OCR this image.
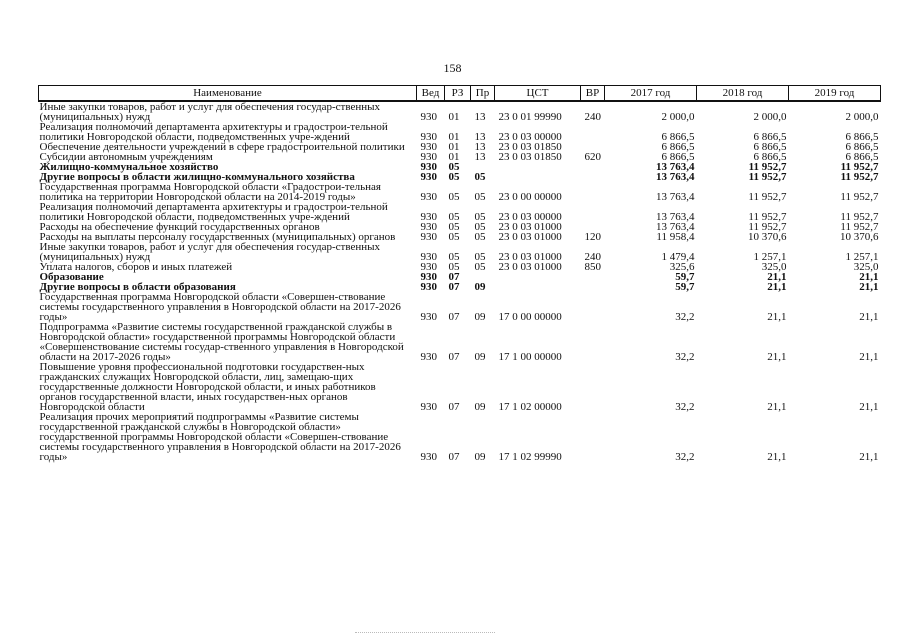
158
Наименование	Вед	РЗ	Пр	ЦСТ	ВР	2017 год	2018 год	2019 год
Иные закупки товаров, работ и услуг для обеспечения государ-ственных (муниципальных) нужд	930	01	13	23 0 01 99990	240	2 000,0	2 000,0	2 000,0
Реализация полномочий департамента архитектуры и градострои-тельной политики Новгородской области, подведомственных учре-ждений	930	01	13	23 0 03 00000		6 866,5	6 866,5	6 866,5
Обеспечение деятельности учреждений в сфере градостроительной политики	930	01	13	23 0 03 01850		6 866,5	6 866,5	6 866,5
Субсидии автономным учреждениям	930	01	13	23 0 03 01850	620	6 866,5	6 866,5	6 866,5
Жилищно-коммунальное хозяйство	930	05				13 763,4	11 952,7	11 952,7
Другие вопросы в области жилищно-коммунального хозяйства	930	05	05			13 763,4	11 952,7	11 952,7
Государственная программа Новгородской области «Градострои-тельная политика на территории Новгородской области на 2014-2019 годы»	930	05	05	23 0 00 00000		13 763,4	11 952,7	11 952,7
Реализация полномочий департамента архитектуры и градострои-тельной политики Новгородской области, подведомственных учре-ждений	930	05	05	23 0 03 00000		13 763,4	11 952,7	11 952,7
Расходы на обеспечение функций государственных органов	930	05	05	23 0 03 01000		13 763,4	11 952,7	11 952,7
Расходы на выплаты персоналу государственных (муниципальных) органов	930	05	05	23 0 03 01000	120	11 958,4	10 370,6	10 370,6
Иные закупки товаров, работ и услуг для обеспечения государ-ственных (муниципальных) нужд	930	05	05	23 0 03 01000	240	1 479,4	1 257,1	1 257,1
Уплата налогов, сборов и иных платежей	930	05	05	23 0 03 01000	850	325,6	325,0	325,0
Образование	930	07				59,7	21,1	21,1
Другие вопросы в области образования	930	07	09			59,7	21,1	21,1
Государственная программа Новгородской области «Совершен-ствование системы государственного управления в Новгородской области на 2017-2026 годы»	930	07	09	17 0 00 00000		32,2	21,1	21,1
Подпрограмма «Развитие системы государственной гражданской службы в Новгородской области» государственной программы Новгородской области «Совершенствование системы государ-ственного управления в Новгородской области на 2017-2026 годы»	930	07	09	17 1 00 00000		32,2	21,1	21,1
Повышение уровня профессиональной подготовки государствен-ных гражданских служащих Новгородской области, лиц, замещаю-щих государственные должности Новгородской области, и иных работников органов государственной власти, иных государствен-ных органов Новгородской области	930	07	09	17 1 02 00000		32,2	21,1	21,1
Реализация прочих мероприятий подпрограммы «Развитие системы государственной гражданской службы в Новгородской области» государственной программы Новгородской области «Совершен-ствование системы государственного управления в Новгородской области на 2017-2026 годы»	930	07	09	17 1 02 99990		32,2	21,1	21,1
